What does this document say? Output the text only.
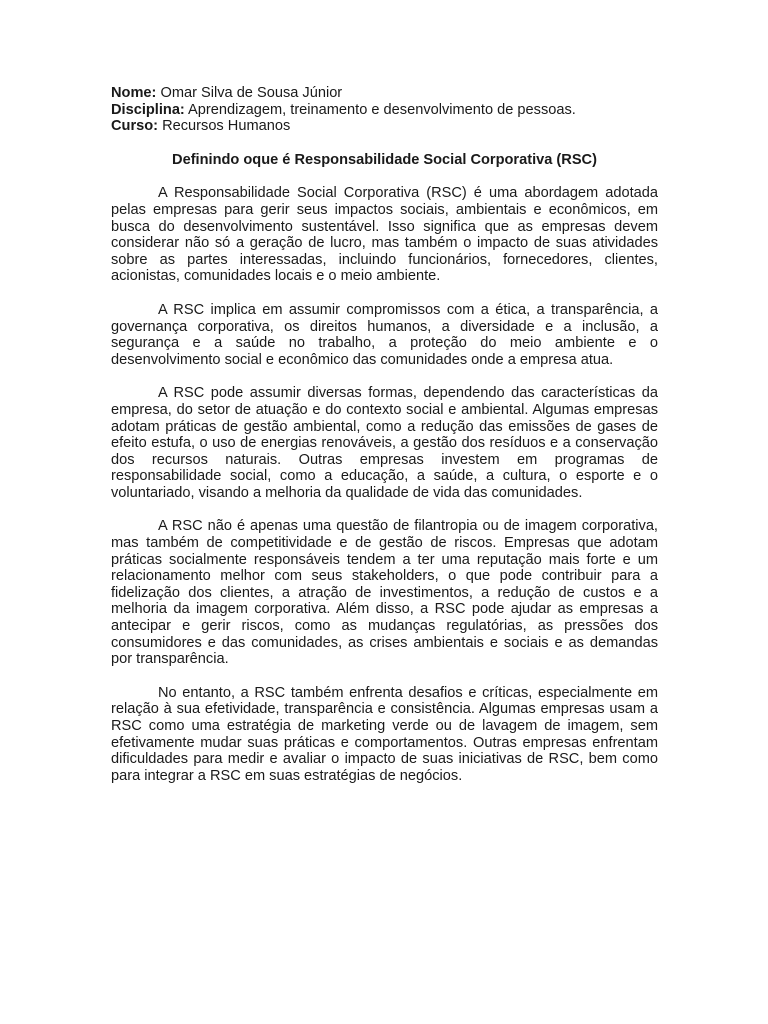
Nome: Omar Silva de Sousa Júnior
Disciplina: Aprendizagem, treinamento e desenvolvimento de pessoas.
Curso: Recursos Humanos
Definindo oque é Responsabilidade Social Corporativa (RSC)

A Responsabilidade Social Corporativa (RSC) é uma abordagem adotada pelas empresas para gerir seus impactos sociais, ambientais e econômicos, em busca do desenvolvimento sustentável. Isso significa que as empresas devem considerar não só a geração de lucro, mas também o impacto de suas atividades sobre as partes interessadas, incluindo funcionários, fornecedores, clientes, acionistas, comunidades locais e o meio ambiente.

A RSC implica em assumir compromissos com a ética, a transparência, a governança corporativa, os direitos humanos, a diversidade e a inclusão, a segurança e a saúde no trabalho, a proteção do meio ambiente e o desenvolvimento social e econômico das comunidades onde a empresa atua.

A RSC pode assumir diversas formas, dependendo das características da empresa, do setor de atuação e do contexto social e ambiental. Algumas empresas adotam práticas de gestão ambiental, como a redução das emissões de gases de efeito estufa, o uso de energias renováveis, a gestão dos resíduos e a conservação dos recursos naturais. Outras empresas investem em programas de responsabilidade social, como a educação, a saúde, a cultura, o esporte e o voluntariado, visando a melhoria da qualidade de vida das comunidades.

A RSC não é apenas uma questão de filantropia ou de imagem corporativa, mas também de competitividade e de gestão de riscos. Empresas que adotam práticas socialmente responsáveis tendem a ter uma reputação mais forte e um relacionamento melhor com seus stakeholders, o que pode contribuir para a fidelização dos clientes, a atração de investimentos, a redução de custos e a melhoria da imagem corporativa. Além disso, a RSC pode ajudar as empresas a antecipar e gerir riscos, como as mudanças regulatórias, as pressões dos consumidores e das comunidades, as crises ambientais e sociais e as demandas por transparência.

No entanto, a RSC também enfrenta desafios e críticas, especialmente em relação à sua efetividade, transparência e consistência. Algumas empresas usam a RSC como uma estratégia de marketing verde ou de lavagem de imagem, sem efetivamente mudar suas práticas e comportamentos. Outras empresas enfrentam dificuldades para medir e avaliar o impacto de suas iniciativas de RSC, bem como para integrar a RSC em suas estratégias de negócios.
